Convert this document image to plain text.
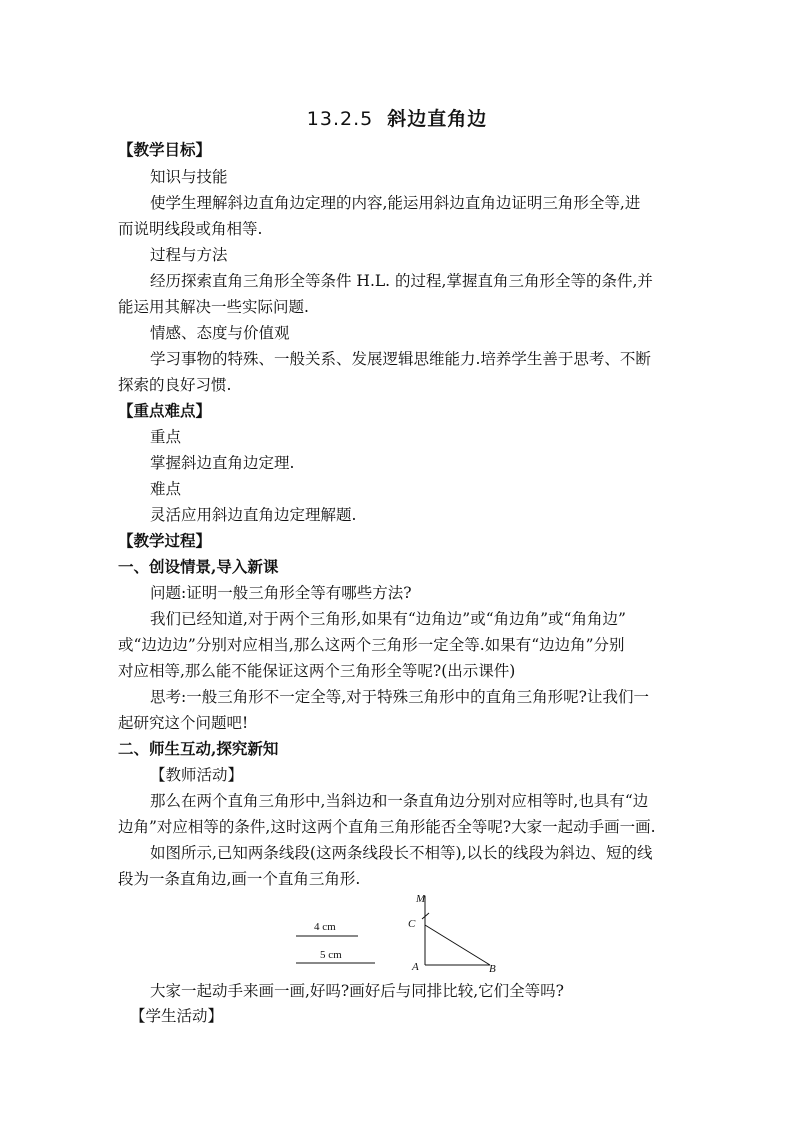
13.2.5 斜边直角边
【教学目标】
知识与技能
使学生理解斜边直角边定理的内容,能运用斜边直角边证明三角形全等,进
而说明线段或角相等.
过程与方法
经历探索直角三角形全等条件 H.L. 的过程,掌握直角三角形全等的条件,并
能运用其解决一些实际问题.
情感、态度与价值观
学习事物的特殊、一般关系、发展逻辑思维能力.培养学生善于思考、不断
探索的良好习惯.
【重点难点】
重点
掌握斜边直角边定理.
难点
灵活应用斜边直角边定理解题.
【教学过程】
一、创设情景,导入新课
问题:证明一般三角形全等有哪些方法?
我们已经知道,对于两个三角形,如果有“边角边”或“角边角”或“角角边”
或“边边边”分别对应相当,那么这两个三角形一定全等.如果有“边边角”分别
对应相等,那么能不能保证这两个三角形全等呢?(出示课件)
思考:一般三角形不一定全等,对于特殊三角形中的直角三角形呢?让我们一
起研究这个问题吧!
二、师生互动,探究新知
【教师活动】
那么在两个直角三角形中,当斜边和一条直角边分别对应相等时,也具有“边
边角”对应相等的条件,这时这两个直角三角形能否全等呢?大家一起动手画一画.
如图所示,已知两条线段(这两条线段长不相等),以长的线段为斜边、短的线
段为一条直角边,画一个直角三角形.
4 cm
5 cm
M
C
A	B
大家一起动手来画一画,好吗?画好后与同排比较,它们全等吗?
【学生活动】
